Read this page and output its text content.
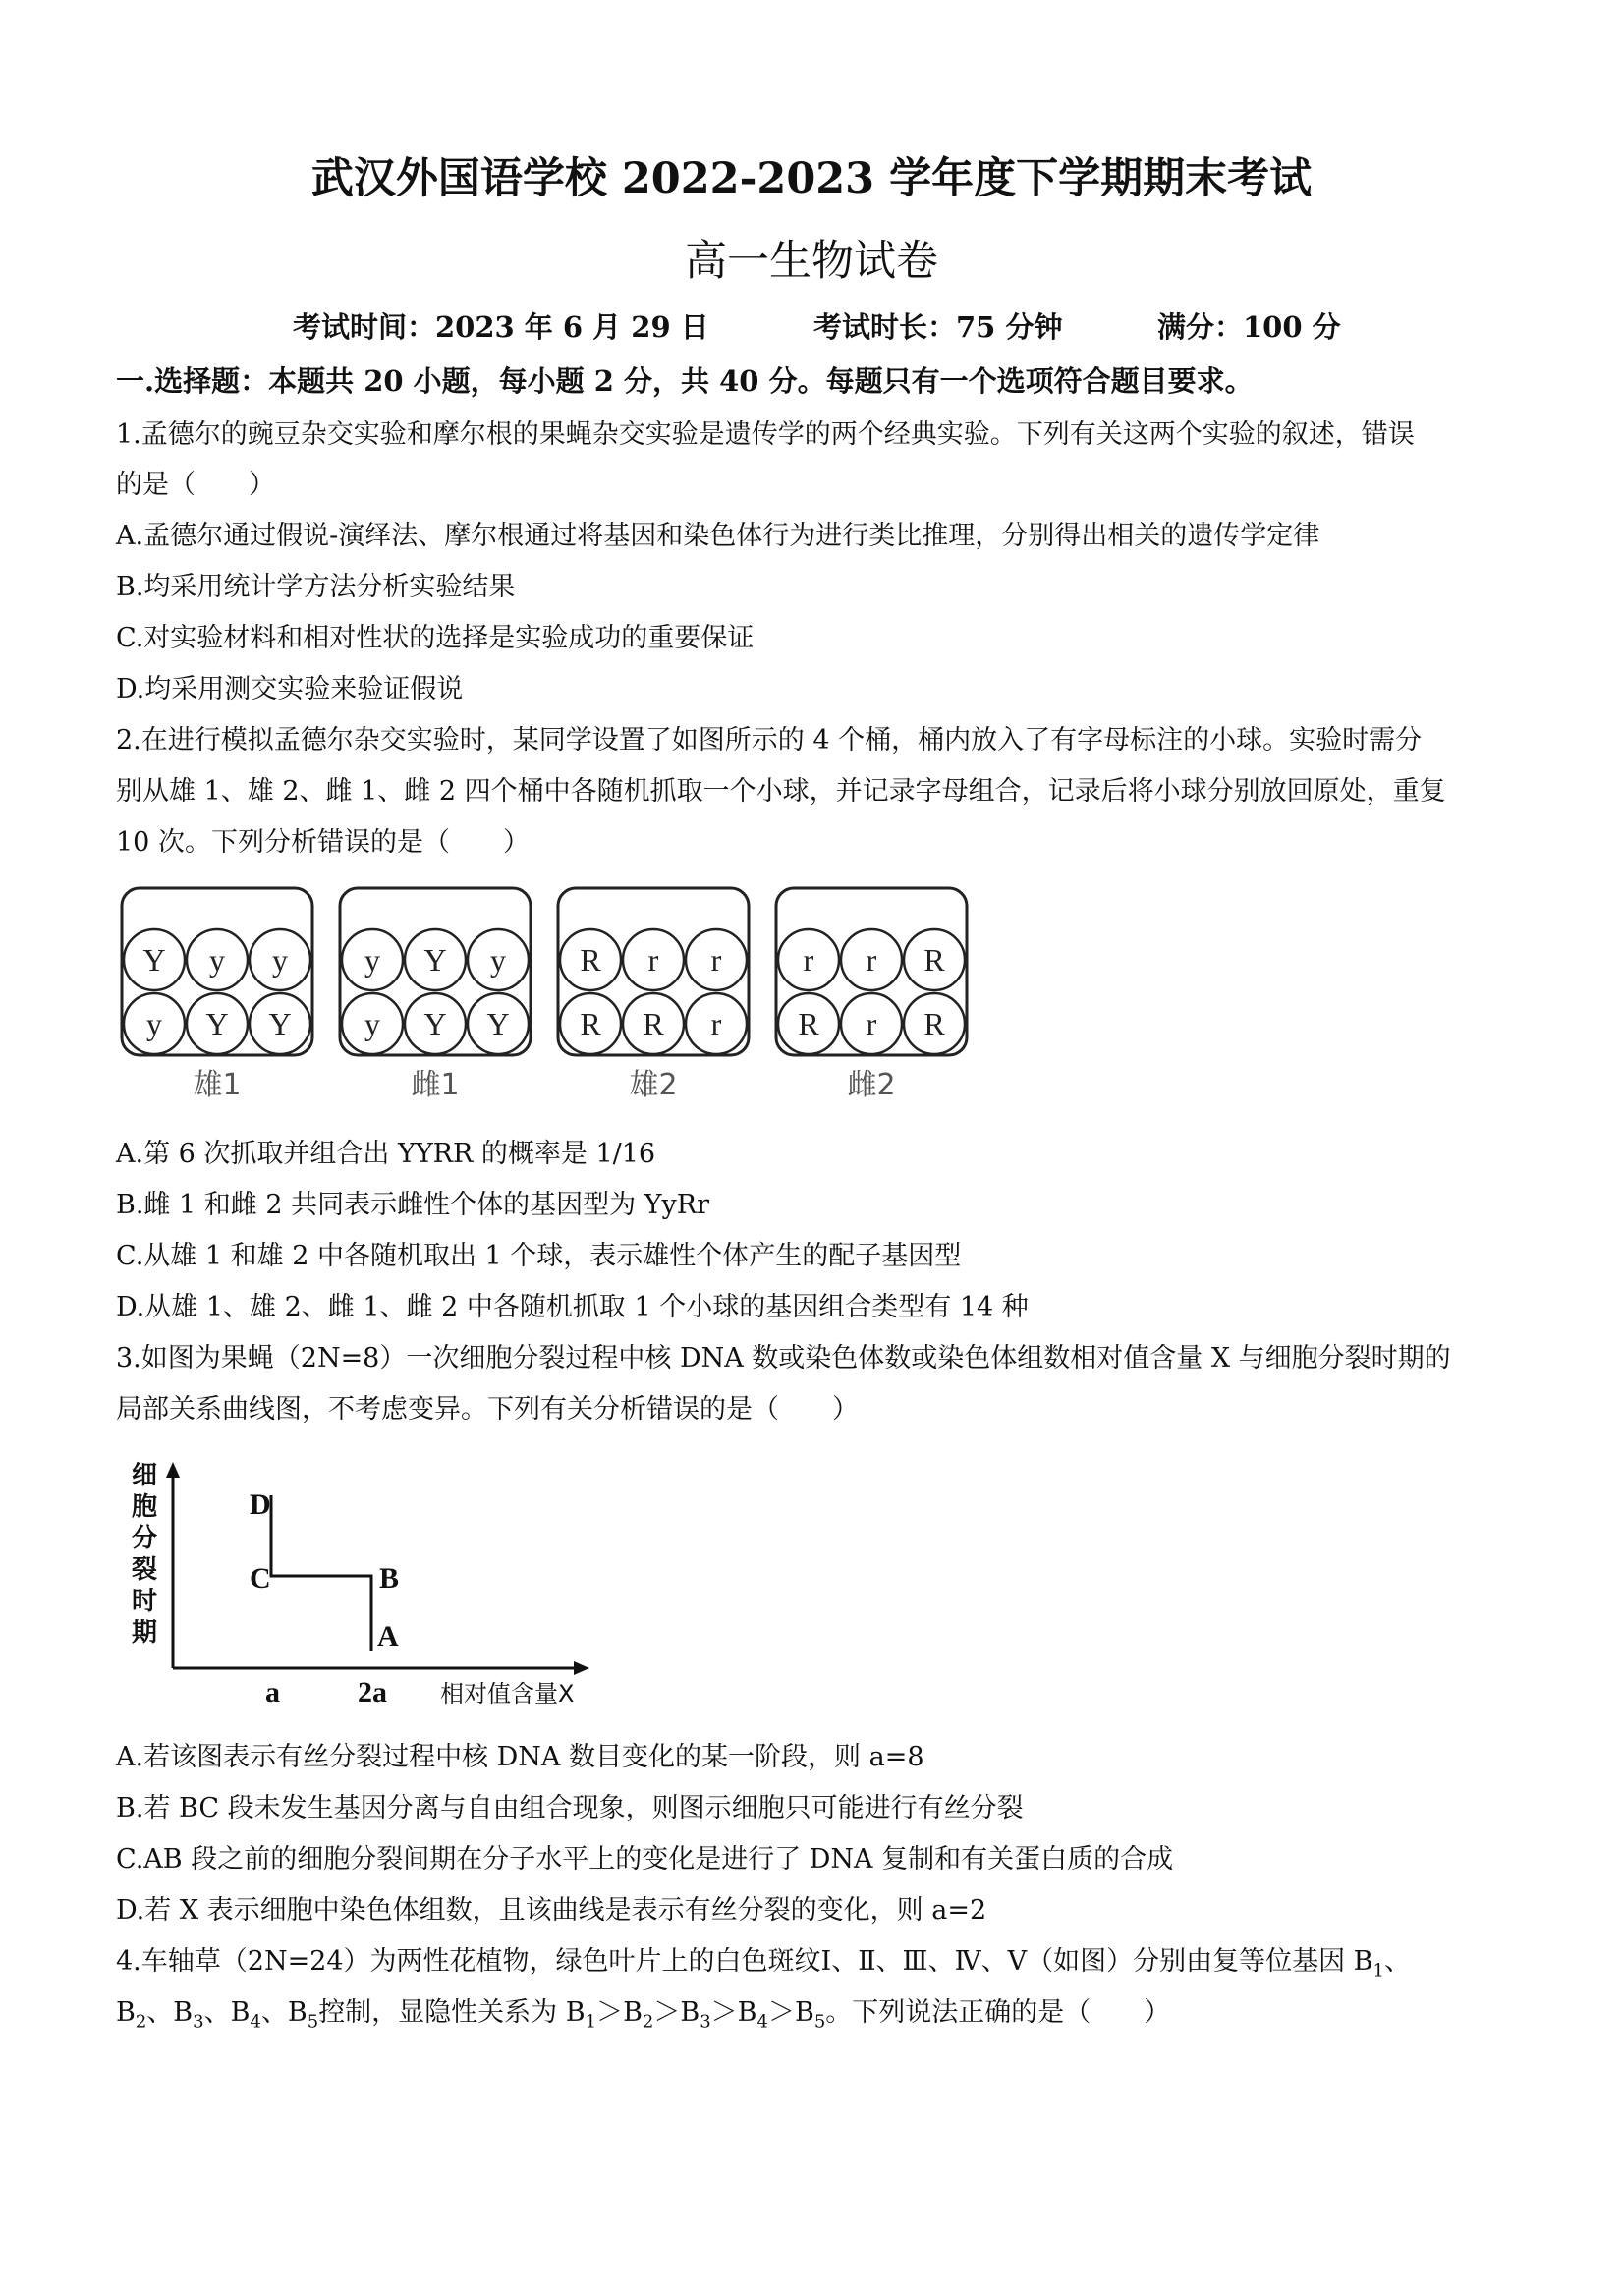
武汉外国语学校 2022-2023 学年度下学期期末考试
高一生物试卷
考试时间：2023 年 6 月 29 日	考试时长：75 分钟	满分：100 分
一.选择题：本题共 20 小题，每小题 2 分，共 40 分。每题只有一个选项符合题目要求。
1.孟德尔的豌豆杂交实验和摩尔根的果蝇杂交实验是遗传学的两个经典实验。下列有关这两个实验的叙述，错误
的是（　　）
A.孟德尔通过假说-演绎法、摩尔根通过将基因和染色体行为进行类比推理，分别得出相关的遗传学定律
B.均采用统计学方法分析实验结果
C.对实验材料和相对性状的选择是实验成功的重要保证
D.均采用测交实验来验证假说
2.在进行模拟孟德尔杂交实验时，某同学设置了如图所示的 4 个桶，桶内放入了有字母标注的小球。实验时需分
别从雄 1、雄 2、雌 1、雌 2 四个桶中各随机抓取一个小球，并记录字母组合，记录后将小球分别放回原处，重复
10 次。下列分析错误的是（　　）
Y y y
y Y Y
雄1
y Y y
y Y Y
雌1
R r r
R R r
雄2
r r R
R r R
雌2
A.第 6 次抓取并组合出 YYRR 的概率是 1/16
B.雌 1 和雌 2 共同表示雌性个体的基因型为 YyRr
C.从雄 1 和雄 2 中各随机取出 1 个球，表示雄性个体产生的配子基因型
D.从雄 1、雄 2、雌 1、雌 2 中各随机抓取 1 个小球的基因组合类型有 14 种
3.如图为果蝇（2N=8）一次细胞分裂过程中核 DNA 数或染色体数或染色体组数相对值含量 X 与细胞分裂时期的
局部关系曲线图，不考虑变异。下列有关分析错误的是（　　）
细
胞
分
裂
时
期
D
C	B
A
a	2a 相对值含量X
A.若该图表示有丝分裂过程中核 DNA 数目变化的某一阶段，则 a=8
B.若 BC 段未发生基因分离与自由组合现象，则图示细胞只可能进行有丝分裂
C.AB 段之前的细胞分裂间期在分子水平上的变化是进行了 DNA 复制和有关蛋白质的合成
D.若 X 表示细胞中染色体组数，且该曲线是表示有丝分裂的变化，则 a=2
4.车轴草（2N=24）为两性花植物，绿色叶片上的白色斑纹Ⅰ、Ⅱ、Ⅲ、Ⅳ、Ⅴ（如图）分别由复等位基因 $B_1$、
$B_2$、$B_3$、$B_4$、$B_5$控制，显隐性关系为 $B_1>B_2>B_3>B_4>B_5$。下列说法正确的是（　　）
